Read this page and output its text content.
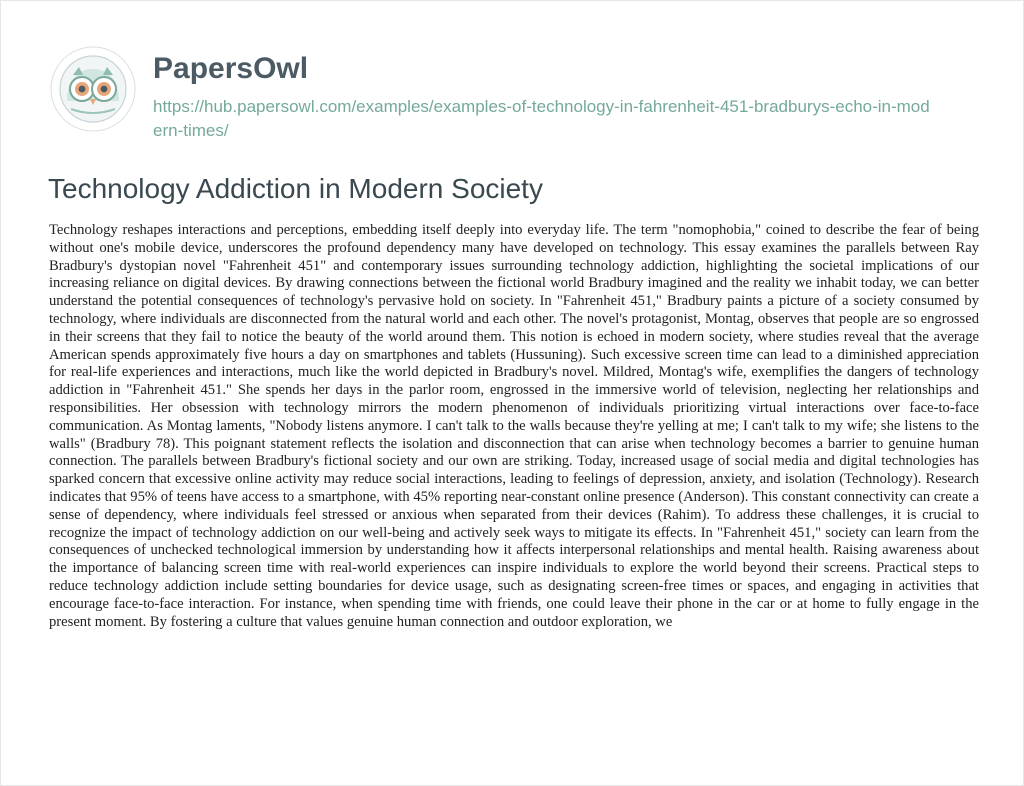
PapersOwl
https://hub.papersowl.com/examples/examples-of-technology-in-fahrenheit-451-bradburys-echo-in-modern-times/
Technology Addiction in Modern Society

Technology reshapes interactions and perceptions, embedding itself deeply into everyday life. The term "nomophobia," coined to describe the fear of being without one's mobile device, underscores the profound dependency many have developed on technology. This essay examines the parallels between Ray Bradbury's dystopian novel "Fahrenheit 451" and contemporary issues surrounding technology addiction, highlighting the societal implications of our increasing reliance on digital devices. By drawing connections between the fictional world Bradbury imagined and the reality we inhabit today, we can better understand the potential consequences of technology's pervasive hold on society. In "Fahrenheit 451," Bradbury paints a picture of a society consumed by technology, where individuals are disconnected from the natural world and each other. The novel's protagonist, Montag, observes that people are so engrossed in their screens that they fail to notice the beauty of the world around them. This notion is echoed in modern society, where studies reveal that the average American spends approximately five hours a day on smartphones and tablets (Hussuning). Such excessive screen time can lead to a diminished appreciation for real-life experiences and interactions, much like the world depicted in Bradbury's novel. Mildred, Montag's wife, exemplifies the dangers of technology addiction in "Fahrenheit 451." She spends her days in the parlor room, engrossed in the immersive world of television, neglecting her relationships and responsibilities. Her obsession with technology mirrors the modern phenomenon of individuals prioritizing virtual interactions over face-to-face communication. As Montag laments, "Nobody listens anymore. I can't talk to the walls because they're yelling at me; I can't talk to my wife; she listens to the walls" (Bradbury 78). This poignant statement reflects the isolation and disconnection that can arise when technology becomes a barrier to genuine human connection. The parallels between Bradbury's fictional society and our own are striking. Today, increased usage of social media and digital technologies has sparked concern that excessive online activity may reduce social interactions, leading to feelings of depression, anxiety, and isolation (Technology). Research indicates that 95% of teens have access to a smartphone, with 45% reporting near-constant online presence (Anderson). This constant connectivity can create a sense of dependency, where individuals feel stressed or anxious when separated from their devices (Rahim). To address these challenges, it is crucial to recognize the impact of technology addiction on our well-being and actively seek ways to mitigate its effects. In "Fahrenheit 451," society can learn from the consequences of unchecked technological immersion by understanding how it affects interpersonal relationships and mental health. Raising awareness about the importance of balancing screen time with real-world experiences can inspire individuals to explore the world beyond their screens. Practical steps to reduce technology addiction include setting boundaries for device usage, such as designating screen-free times or spaces, and engaging in activities that encourage face-to-face interaction. For instance, when spending time with friends, one could leave their phone in the car or at home to fully engage in the present moment. By fostering a culture that values genuine human connection and outdoor exploration, we
